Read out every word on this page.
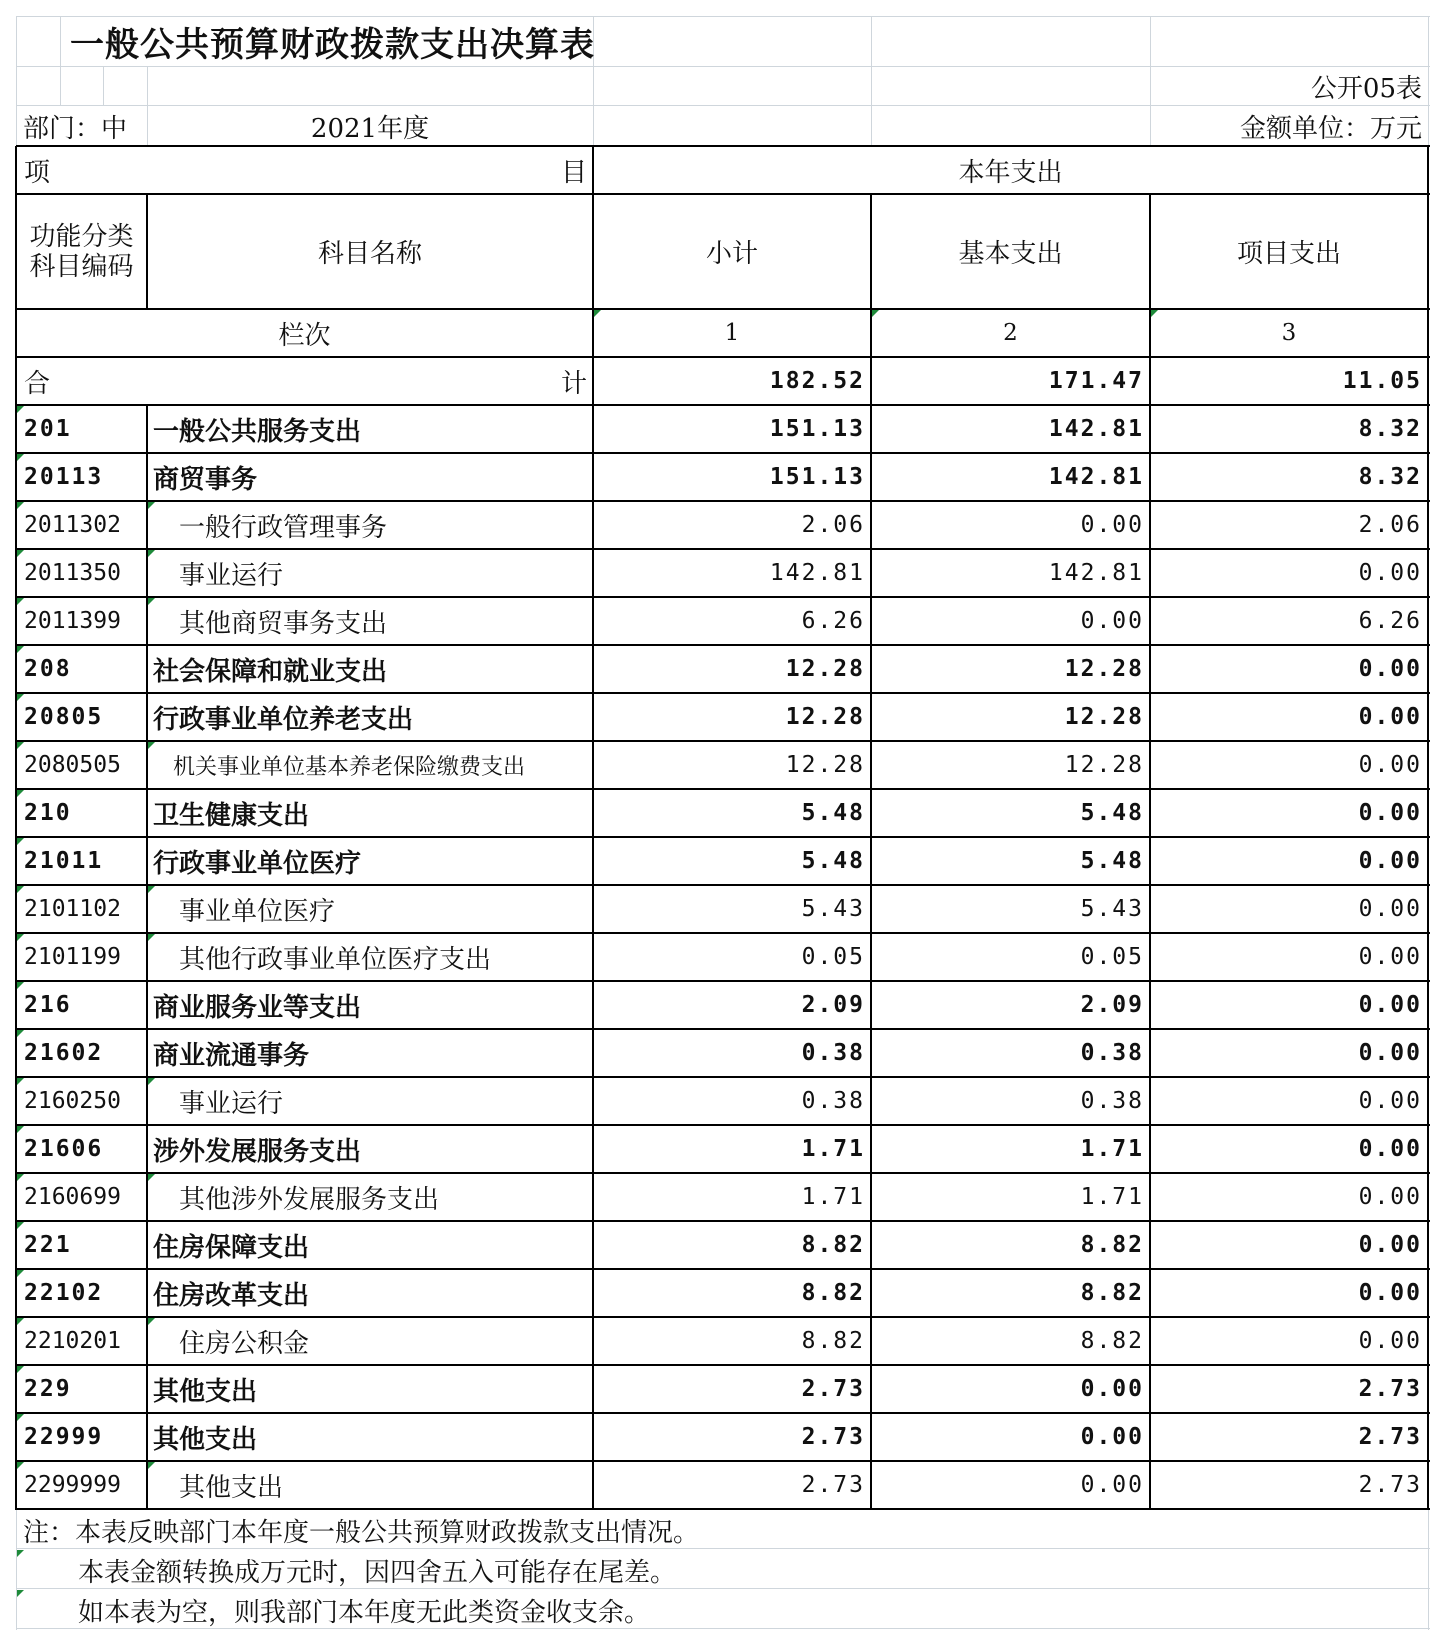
一般公共预算财政拨款支出决算表
公开05表
部门：中	2021年度	金额单位：万元
项	目	本年支出
功能分类科目编码	科目名称	小计	基本支出	项目支出
栏次	1	2	3
合	计	182.52	171.47	11.05
201	一般公共服务支出	151.13	142.81	8.32
20113	商贸事务	151.13	142.81	8.32
2011302	一般行政管理事务	2.06	0.00	2.06
2011350	事业运行	142.81	142.81	0.00
2011399	其他商贸事务支出	6.26	0.00	6.26
208	社会保障和就业支出	12.28	12.28	0.00
20805	行政事业单位养老支出	12.28	12.28	0.00
2080505	机关事业单位基本养老保险缴费支出	12.28	12.28	0.00
210	卫生健康支出	5.48	5.48	0.00
21011	行政事业单位医疗	5.48	5.48	0.00
2101102	事业单位医疗	5.43	5.43	0.00
2101199	其他行政事业单位医疗支出	0.05	0.05	0.00
216	商业服务业等支出	2.09	2.09	0.00
21602	商业流通事务	0.38	0.38	0.00
2160250	事业运行	0.38	0.38	0.00
21606	涉外发展服务支出	1.71	1.71	0.00
2160699	其他涉外发展服务支出	1.71	1.71	0.00
221	住房保障支出	8.82	8.82	0.00
22102	住房改革支出	8.82	8.82	0.00
2210201	住房公积金	8.82	8.82	0.00
229	其他支出	2.73	0.00	2.73
22999	其他支出	2.73	0.00	2.73
2299999	其他支出	2.73	0.00	2.73
注：本表反映部门本年度一般公共预算财政拨款支出情况。
本表金额转换成万元时，因四舍五入可能存在尾差。
如本表为空，则我部门本年度无此类资金收支余。
